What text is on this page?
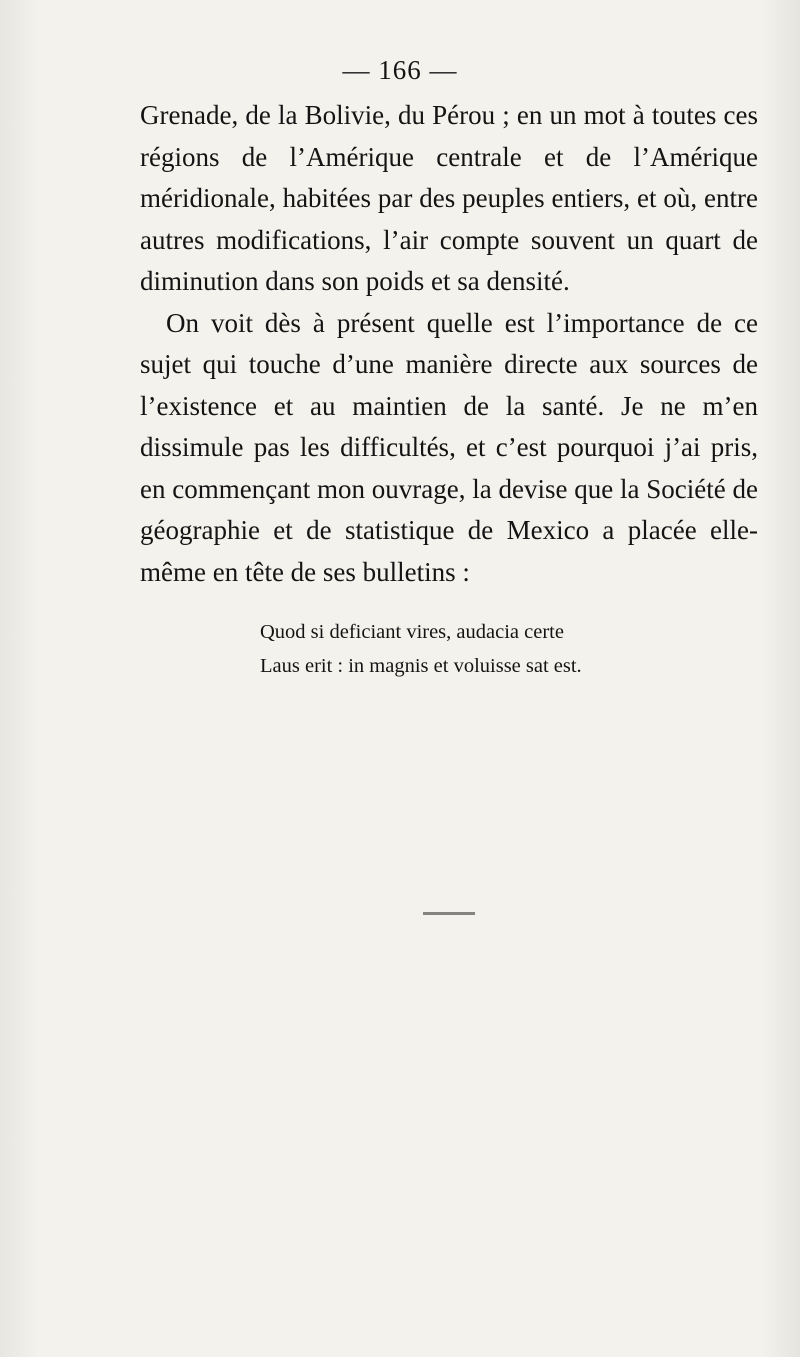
— 166 —

Grenade, de la Bolivie, du Pérou ; en un mot à toutes ces régions de l’Amérique centrale et de l’Amérique méridionale, habitées par des peuples entiers, et où, entre autres modifications, l’air compte souvent un quart de diminution dans son poids et sa densité.

On voit dès à présent quelle est l’importance de ce sujet qui touche d’une manière directe aux sources de l’existence et au maintien de la santé. Je ne m’en dissimule pas les difficultés, et c’est pourquoi j’ai pris, en commençant mon ouvrage, la devise que la Société de géographie et de statistique de Mexico a placée elle-même en tête de ses bulletins :

Quod si deficiant vires, audacia certe
Laus erit : in magnis et voluisse sat est.
